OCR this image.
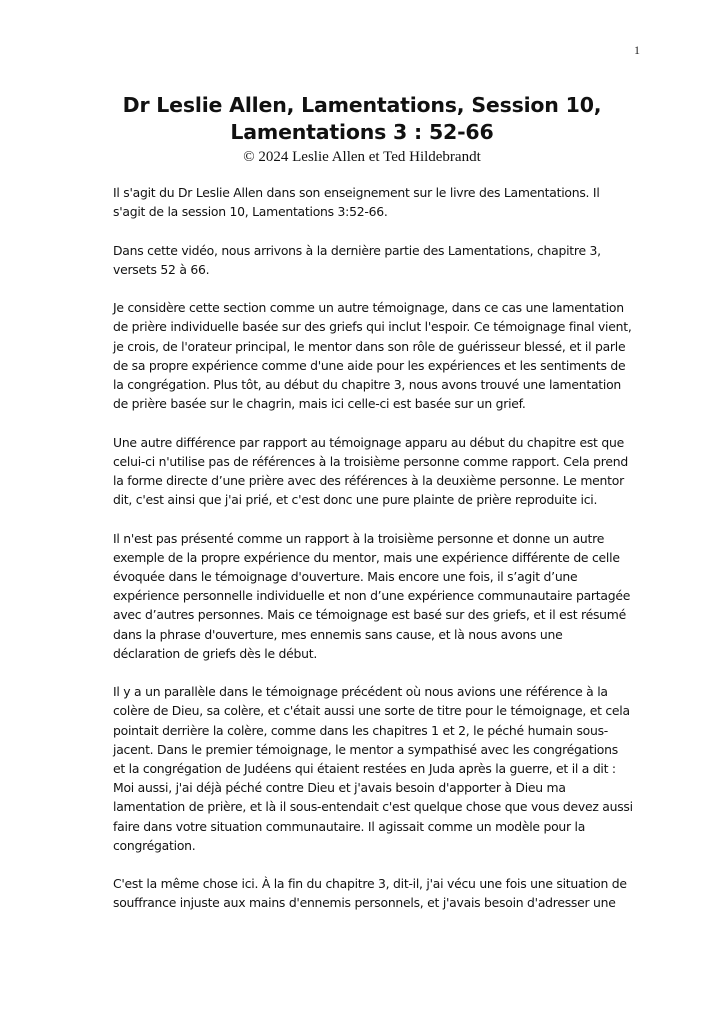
1
Dr Leslie Allen, Lamentations, Session 10,
Lamentations 3 : 52-66
© 2024 Leslie Allen et Ted Hildebrandt

Il s'agit du Dr Leslie Allen dans son enseignement sur le livre des Lamentations. Il s'agit de la session 10, Lamentations 3:52-66.

Dans cette vidéo, nous arrivons à la dernière partie des Lamentations, chapitre 3, versets 52 à 66.

Je considère cette section comme un autre témoignage, dans ce cas une lamentation de prière individuelle basée sur des griefs qui inclut l'espoir. Ce témoignage final vient, je crois, de l'orateur principal, le mentor dans son rôle de guérisseur blessé, et il parle de sa propre expérience comme d'une aide pour les expériences et les sentiments de la congrégation. Plus tôt, au début du chapitre 3, nous avons trouvé une lamentation de prière basée sur le chagrin, mais ici celle-ci est basée sur un grief.

Une autre différence par rapport au témoignage apparu au début du chapitre est que celui-ci n'utilise pas de références à la troisième personne comme rapport. Cela prend la forme directe d’une prière avec des références à la deuxième personne. Le mentor dit, c'est ainsi que j'ai prié, et c'est donc une pure plainte de prière reproduite ici.

Il n'est pas présenté comme un rapport à la troisième personne et donne un autre exemple de la propre expérience du mentor, mais une expérience différente de celle évoquée dans le témoignage d'ouverture. Mais encore une fois, il s’agit d’une expérience personnelle individuelle et non d’une expérience communautaire partagée avec d’autres personnes. Mais ce témoignage est basé sur des griefs, et il est résumé dans la phrase d'ouverture, mes ennemis sans cause, et là nous avons une déclaration de griefs dès le début.

Il y a un parallèle dans le témoignage précédent où nous avions une référence à la colère de Dieu, sa colère, et c'était aussi une sorte de titre pour le témoignage, et cela pointait derrière la colère, comme dans les chapitres 1 et 2, le péché humain sous-jacent. Dans le premier témoignage, le mentor a sympathisé avec les congrégations et la congrégation de Judéens qui étaient restées en Juda après la guerre, et il a dit : Moi aussi, j'ai déjà péché contre Dieu et j'avais besoin d'apporter à Dieu ma lamentation de prière, et là il sous-entendait c'est quelque chose que vous devez aussi faire dans votre situation communautaire. Il agissait comme un modèle pour la congrégation.

C'est la même chose ici. À la fin du chapitre 3, dit-il, j'ai vécu une fois une situation de souffrance injuste aux mains d'ennemis personnels, et j'avais besoin d'adresser une
